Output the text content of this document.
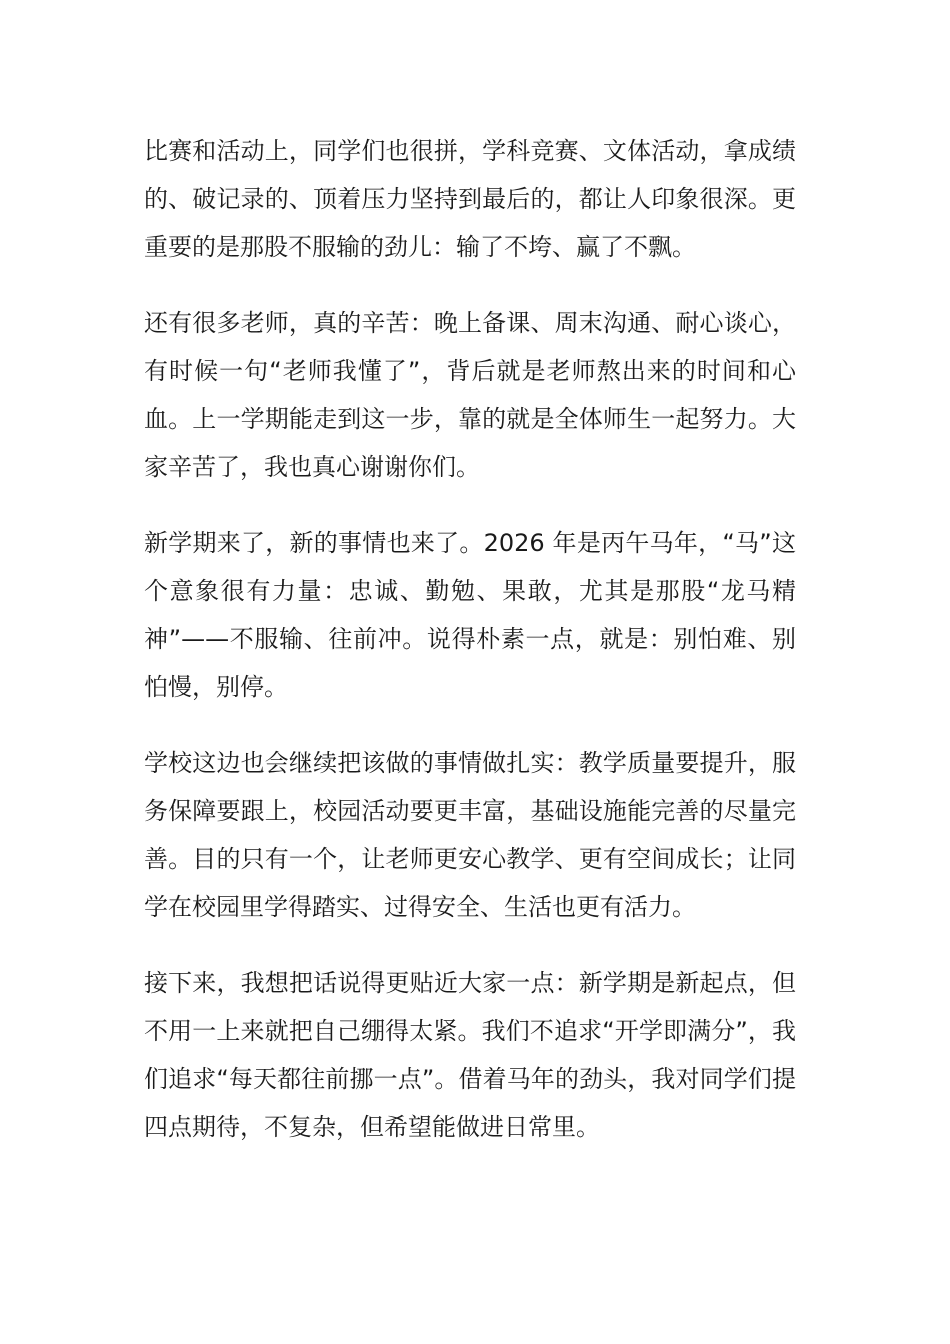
比赛和活动上，同学们也很拼，学科竞赛、文体活动，拿成绩的、破记录的、顶着压力坚持到最后的，都让人印象很深。更重要的是那股不服输的劲儿：输了不垮、赢了不飘。

还有很多老师，真的辛苦：晚上备课、周末沟通、耐心谈心，有时候一句“老师我懂了”，背后就是老师熬出来的时间和心血。上一学期能走到这一步，靠的就是全体师生一起努力。大家辛苦了，我也真心谢谢你们。

新学期来了，新的事情也来了。2026 年是丙午马年，“马”这个意象很有力量：忠诚、勤勉、果敢，尤其是那股“龙马精神”——不服输、往前冲。说得朴素一点，就是：别怕难、别怕慢，别停。

学校这边也会继续把该做的事情做扎实：教学质量要提升，服务保障要跟上，校园活动要更丰富，基础设施能完善的尽量完善。目的只有一个，让老师更安心教学、更有空间成长；让同学在校园里学得踏实、过得安全、生活也更有活力。

接下来，我想把话说得更贴近大家一点：新学期是新起点，但不用一上来就把自己绷得太紧。我们不追求“开学即满分”，我们追求“每天都往前挪一点”。借着马年的劲头，我对同学们提四点期待，不复杂，但希望能做进日常里。
